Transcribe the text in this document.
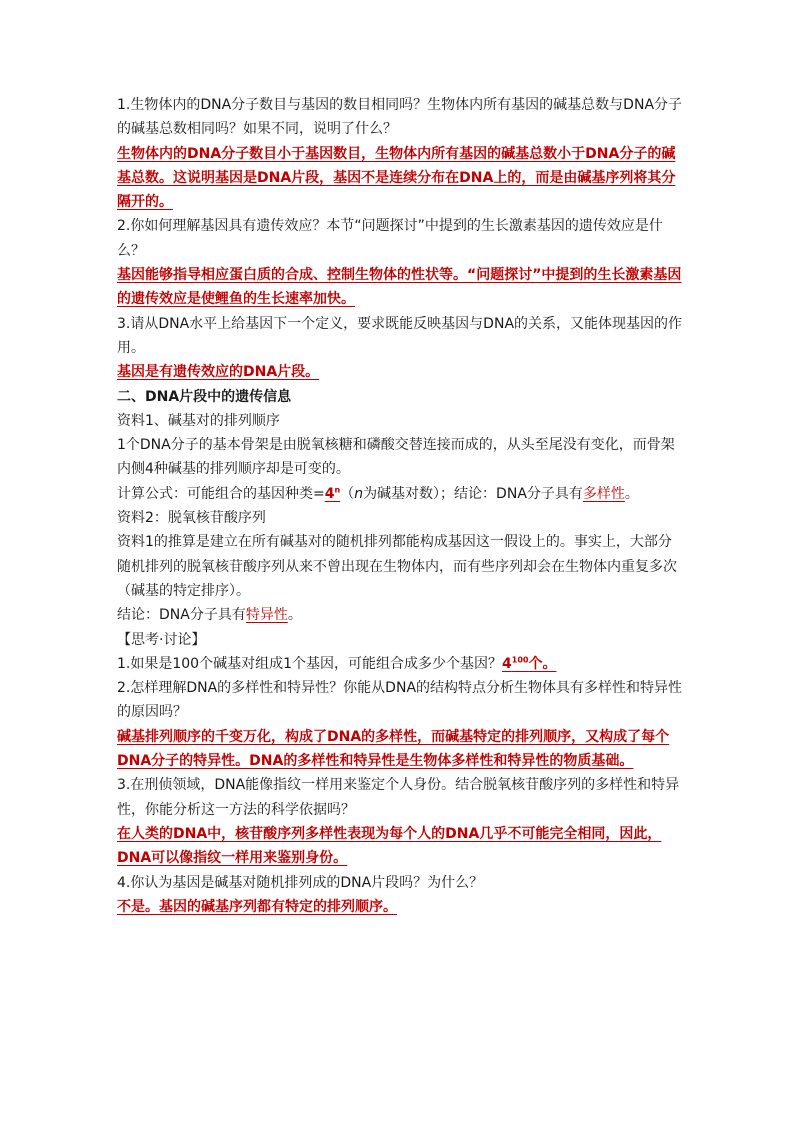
1.生物体内的DNA分子数目与基因的数目相同吗？生物体内所有基因的碱基总数与DNA分子的碱基总数相同吗？如果不同，说明了什么？

生物体内的DNA分子数目小于基因数目，生物体内所有基因的碱基总数小于DNA分子的碱基总数。这说明基因是DNA片段，基因不是连续分布在DNA上的，而是由碱基序列将其分隔开的。

2.你如何理解基因具有遗传效应？本节“问题探讨”中提到的生长激素基因的遗传效应是什么？

基因能够指导相应蛋白质的合成、控制生物体的性状等。“问题探讨”中提到的生长激素基因的遗传效应是使鲤鱼的生长速率加快。

3.请从DNA水平上给基因下一个定义，要求既能反映基因与DNA的关系，又能体现基因的作用。

基因是有遗传效应的DNA片段。

二、DNA片段中的遗传信息

资料1、碱基对的排列顺序

1个DNA分子的基本骨架是由脱氧核糖和磷酸交替连接而成的，从头至尾没有变化，而骨架内侧4种碱基的排列顺序却是可变的。

计算公式：可能组合的基因种类$=4^n(n$为碱基对数）；结论：DNA分子具有多样性。

资料2：脱氧核苷酸序列

资料1的推算是建立在所有碱基对的随机排列都能构成基因这一假设上的。事实上，大部分随机排列的脱氧核苷酸序列从来不曾出现在生物体内，而有些序列却会在生物体内重复多次（碱基的特定排序）。

结论：DNA分子具有特异性。

【思考·讨论】

1.如果是100个碱基对组成1个基因，可能组合成多少个基因？$4^{100}$个。

2.怎样理解DNA的多样性和特异性？你能从DNA的结构特点分析生物体具有多样性和特异性的原因吗？

碱基排列顺序的千变万化，构成了DNA的多样性，而碱基特定的排列顺序，又构成了每个DNA分子的特异性。DNA的多样性和特异性是生物体多样性和特异性的物质基础。

3.在刑侦领域，DNA能像指纹一样用来鉴定个人身份。结合脱氧核苷酸序列的多样性和特异性，你能分析这一方法的科学依据吗？

在人类的DNA中，核苷酸序列多样性表现为每个人的DNA几乎不可能完全相同，因此，DNA可以像指纹一样用来鉴别身份。

4.你认为基因是碱基对随机排列成的DNA片段吗？为什么？

不是。基因的碱基序列都有特定的排列顺序。
